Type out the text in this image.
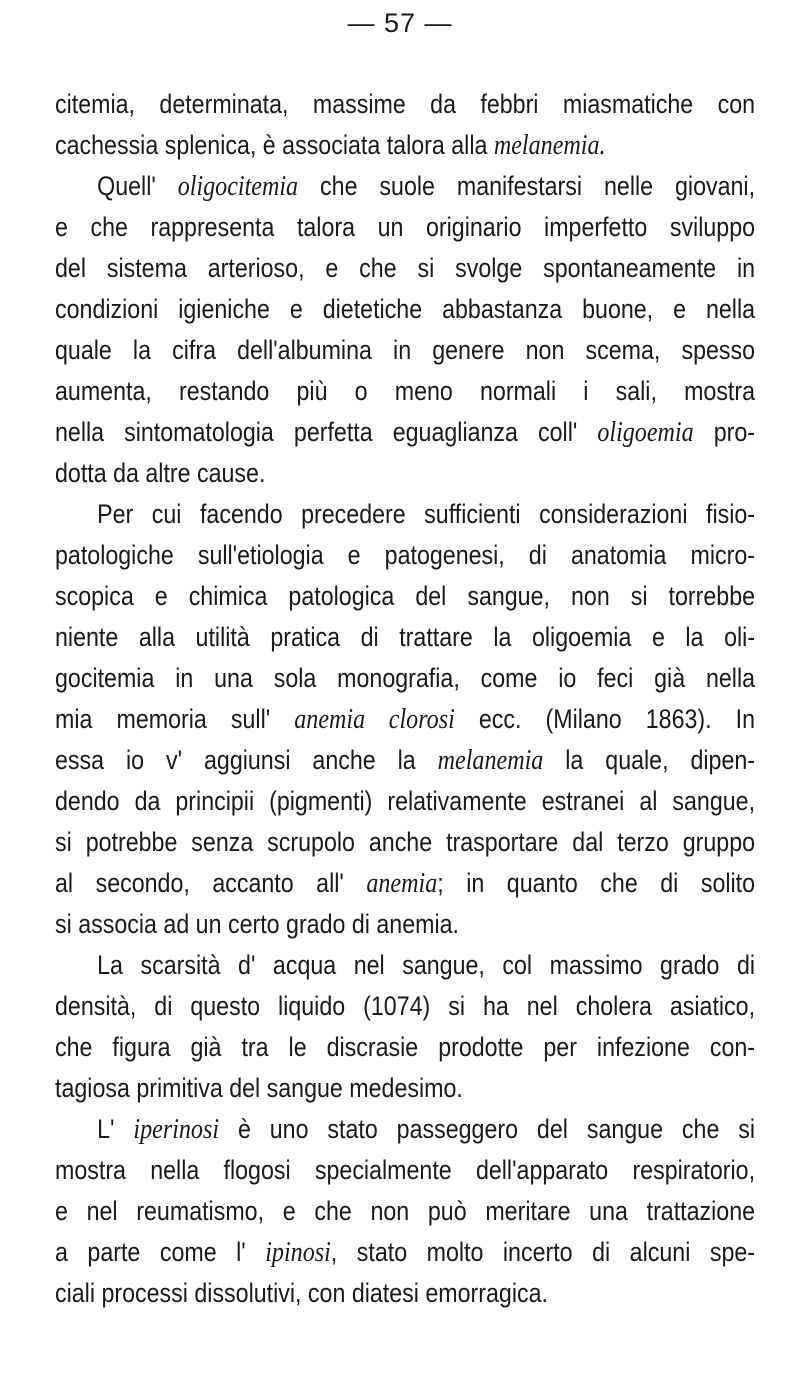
— 57 —
citemia, determinata, massime da febbri miasmatiche con
cachessia splenica, è associata talora alla melanemia.
Quell' oligocitemia che suole manifestarsi nelle giovani,
e che rappresenta talora un originario imperfetto sviluppo
del sistema arterioso, e che si svolge spontaneamente in
condizioni igieniche e dietetiche abbastanza buone, e nella
quale la cifra dell'albumina in genere non scema, spesso
aumenta, restando più o meno normali i sali, mostra
nella sintomatologia perfetta eguaglianza coll' oligoemia pro-
dotta da altre cause.
Per cui facendo precedere sufficienti considerazioni fisio-
patologiche sull'etiologia e patogenesi, di anatomia micro-
scopica e chimica patologica del sangue, non si torrebbe
niente alla utilità pratica di trattare la oligoemia e la oli-
gocitemia in una sola monografia, come io feci già nella
mia memoria sull' anemia clorosi ecc. (Milano 1863). In
essa io v' aggiunsi anche la melanemia la quale, dipen-
dendo da principii (pigmenti) relativamente estranei al sangue,
si potrebbe senza scrupolo anche trasportare dal terzo gruppo
al secondo, accanto all' anemia; in quanto che di solito
si associa ad un certo grado di anemia.
La scarsità d' acqua nel sangue, col massimo grado di
densità, di questo liquido (1074) si ha nel cholera asiatico,
che figura già tra le discrasie prodotte per infezione con-
tagiosa primitiva del sangue medesimo.
L' iperinosi è uno stato passeggero del sangue che si
mostra nella flogosi specialmente dell'apparato respiratorio,
e nel reumatismo, e che non può meritare una trattazione
a parte come l' ipinosi, stato molto incerto di alcuni spe-
ciali processi dissolutivi, con diatesi emorragica.
